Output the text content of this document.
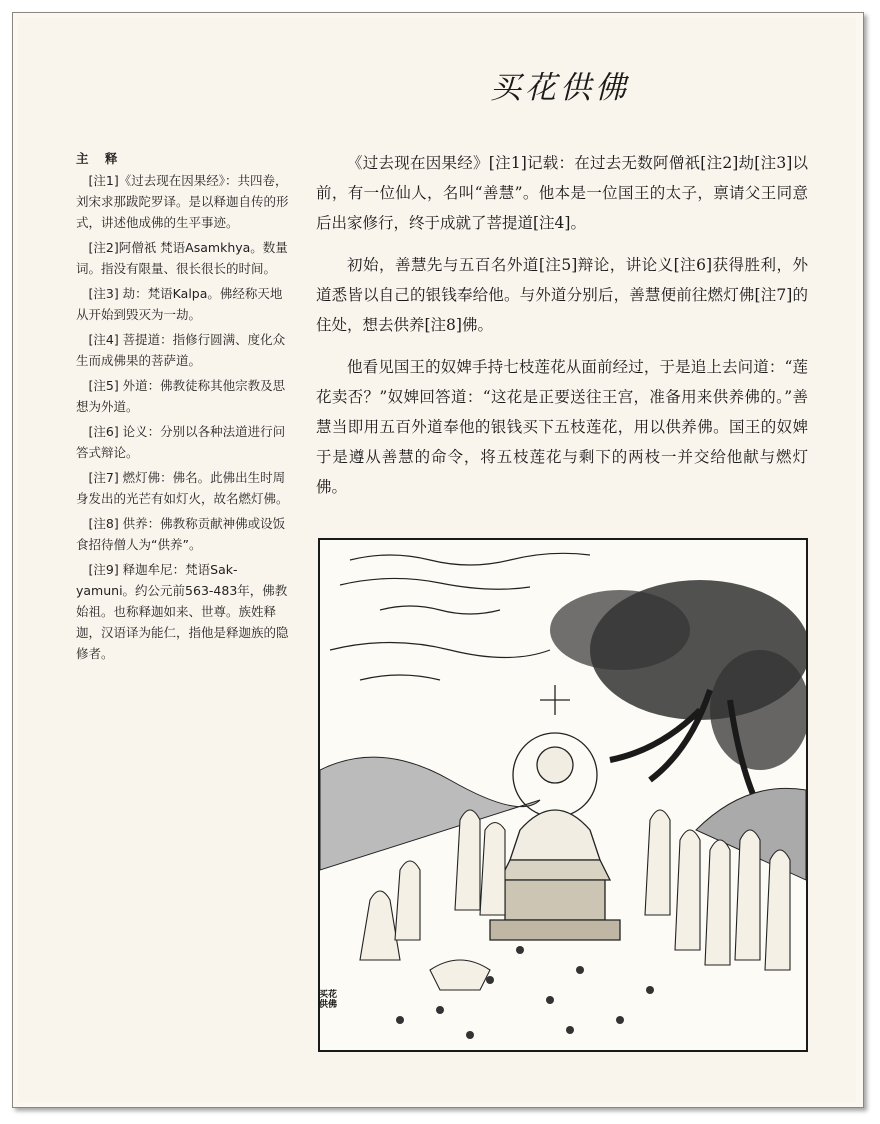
买花供佛
主 释
[注1]《过去现在因果经》：共四卷，刘宋求那跋陀罗译。是以释迦自传的形式，讲述他成佛的生平事迹。
[注2]阿僧祇 梵语Asamkhya。数量词。指没有限量、很长很长的时间。
[注3] 劫：梵语Kalpa。佛经称天地从开始到毁灭为一劫。
[注4] 菩提道：指修行圆满、度化众生而成佛果的菩萨道。
[注5] 外道：佛教徒称其他宗教及思想为外道。
[注6] 论义：分别以各种法道进行问答式辩论。
[注7] 燃灯佛：佛名。此佛出生时周身发出的光芒有如灯火，故名燃灯佛。
[注8] 供养：佛教称贡献神佛或设饭食招待僧人为“供养”。
[注9] 释迦牟尼：梵语Sak-yamuni。约公元前563-483年，佛教始祖。也称释迦如来、世尊。族姓释迦，汉语译为能仁，指他是释迦族的隐修者。

《过去现在因果经》[注1]记载：在过去无数阿僧祇[注2]劫[注3]以前，有一位仙人，名叫“善慧”。他本是一位国王的太子，禀请父王同意后出家修行，终于成就了菩提道[注4]。

初始，善慧先与五百名外道[注5]辩论，讲论义[注6]获得胜利，外道悉皆以自己的银钱奉给他。与外道分别后，善慧便前往燃灯佛[注7]的住处，想去供养[注8]佛。

他看见国王的奴婢手持七枝莲花从面前经过，于是追上去问道：“莲花卖否？”奴婢回答道：“这花是正要送往王宫，准备用来供养佛的。”善慧当即用五百外道奉他的银钱买下五枝莲花，用以供养佛。国王的奴婢于是遵从善慧的命令，将五枝莲花与剩下的两枝一并交给他献与燃灯佛。

买花供佛
